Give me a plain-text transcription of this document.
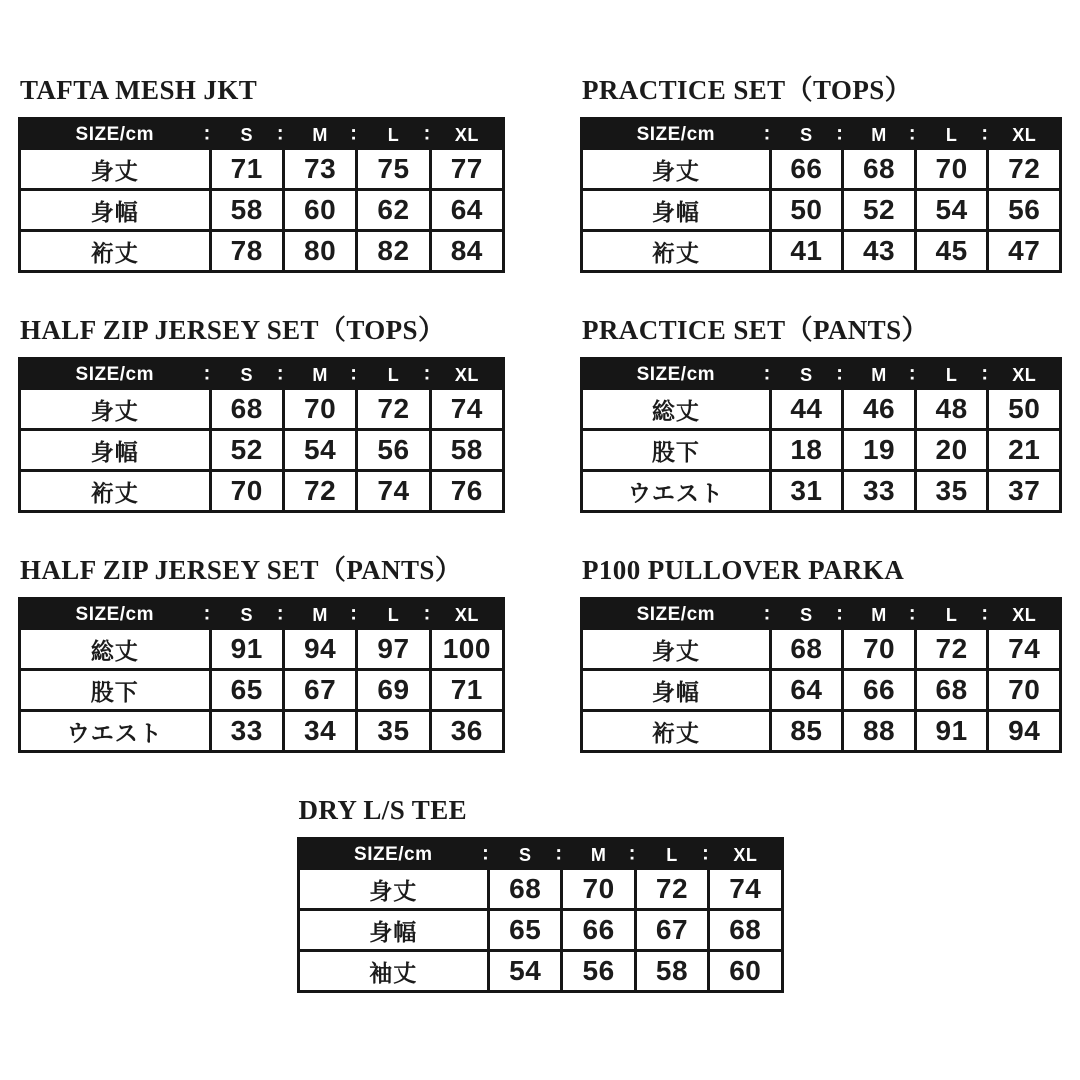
TAFTA MESH JKT
SIZE/cm	: S : M : L : XL
身丈	71	73	75	77
身幅	58	60	62	64
裄丈	78	80	82	84
PRACTICE SET（TOPS）
SIZE/cm	: S : M : L : XL
身丈	66	68	70	72
身幅	50	52	54	56
裄丈	41	43	45	47
HALF ZIP JERSEY SET（TOPS）
SIZE/cm	: S : M : L : XL
身丈	68	70	72	74
身幅	52	54	56	58
裄丈	70	72	74	76
PRACTICE SET（PANTS）
SIZE/cm	: S : M : L : XL
総丈	44	46	48	50
股下	18	19	20	21
ウエスト	31	33	35	37
HALF ZIP JERSEY SET（PANTS）
SIZE/cm	: S : M : L : XL
総丈	91	94	97	100
股下	65	67	69	71
ウエスト	33	34	35	36
P100 PULLOVER PARKA
SIZE/cm	: S : M : L : XL
身丈	68	70	72	74
身幅	64	66	68	70
裄丈	85	88	91	94
DRY L/S TEE
SIZE/cm	: S : M : L : XL
身丈	68	70	72	74
身幅	65	66	67	68
袖丈	54	56	58	60
